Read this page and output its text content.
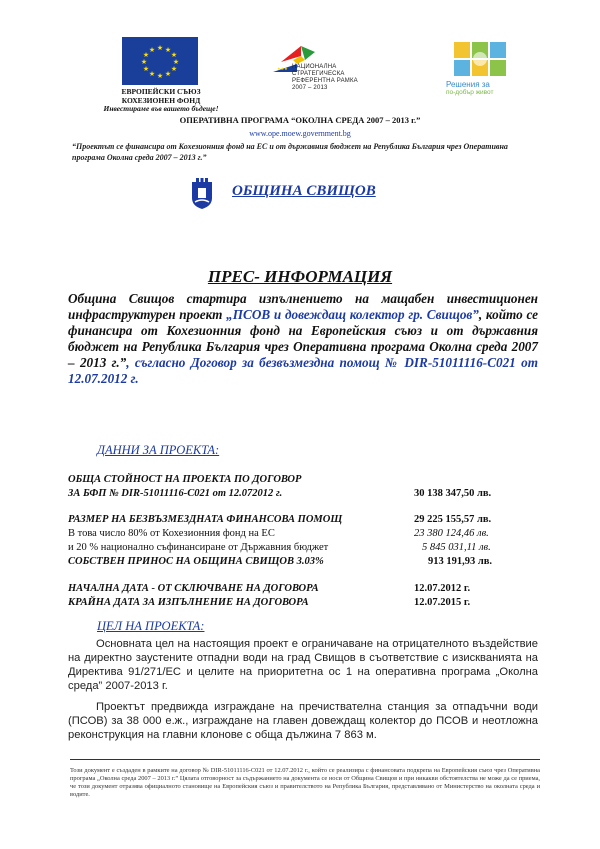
★ ★
★
★
★
★
★
★
★
★
★
★
ЕВРОПЕЙСКИ СЪЮЗ
КОХЕЗИОНЕН ФОНД
Инвестираме във вашето бъдеще!
★★★ НАЦИОНАЛНА
СТРАТЕГИЧЕСКА
РЕФЕРЕНТНА РАМКА
2007 – 2013	Решения за
по-добър живот
ОПЕРАТИВНА ПРОГРАМА “ОКОЛНА СРЕДА 2007 – 2013 г.”
www.ope.moew.government.bg
“Проектът се финансира от Кохезионния фонд на ЕС и от държавния бюджет на Република България чрез Оперативна програма Околна среда 2007 – 2013 г.”
ОБЩИНА СВИЩОВ
ПРЕС- ИНФОРМАЦИЯ
Община Свищов стартира изпълнението на мащабен инвестиционен инфраструктурен проект „ПСОВ и довеждащ колектор гр. Свищов”, който се финансира от Кохезионния фонд на Европейския съюз и от държавния бюджет на Република България чрез Оперативна програма Околна среда 2007 – 2013 г.”, съгласно Договор за безвъзмездна помощ № DIR-51011116-C021 от 12.07.2012 г.
ДАННИ ЗА ПРОЕКТА:
ОБЩА СТОЙНОСТ НА ПРОЕКТА ПО ДОГОВОР
ЗА БФП № DIR-51011116-C021 от 12.072012 г.	30 138 347,50 лв.
РАЗМЕР НА БЕЗВЪЗМЕЗДНАТА ФИНАНСОВА ПОМОЩ	29 225 155,57 лв.
В това число 80% от Кохезионния фонд на ЕС	23 380 124,46 лв.
и 20 % национално съфинансиране от Държавния бюджет	5 845 031,11 лв.
СОБСТВЕН ПРИНОС НА ОБЩИНА СВИЩОВ 3.03%	913 191,93 лв.
НАЧАЛНА ДАТА - ОТ СКЛЮЧВАНЕ НА ДОГОВОРА	12.07.2012 г.
КРАЙНА ДАТА ЗА ИЗПЪЛНЕНИЕ НА ДОГОВОРА	12.07.2015 г.
ЦЕЛ НА ПРОЕКТА:
Основната цел на настоящия проект е ограничаване на отрицателното въздействие на директно заустените отпадни води на град Свищов в съответствие с изискванията на Директива 91/271/ЕС и целите на приоритетна ос 1 на оперативна програма „Околна среда” 2007-2013 г.
Проектът предвижда изграждане на пречиствателна станция за отпадъчни води (ПСОВ) за 38 000 е.ж., изграждане на главен довеждащ колектор до ПСОВ и неотложна реконструкция на главни клонове с обща дължина 7 863 м.
Този документ е създаден в рамките на договор № DIR-51011116-C021 от 12.07.2012 г., който се реализира с финансовата подкрепа на Европейския съюз чрез Оперативна програма „Околна среда 2007 – 2013 г.” Цялата отговорност за съдържанието на документа се носи от Община Свищов и при никакви обстоятелства не може да се приема, че този документ отразява официалното становище на Европейския съюз и правителството на Република България, представлявано от Министерство на околната среда и водите.
